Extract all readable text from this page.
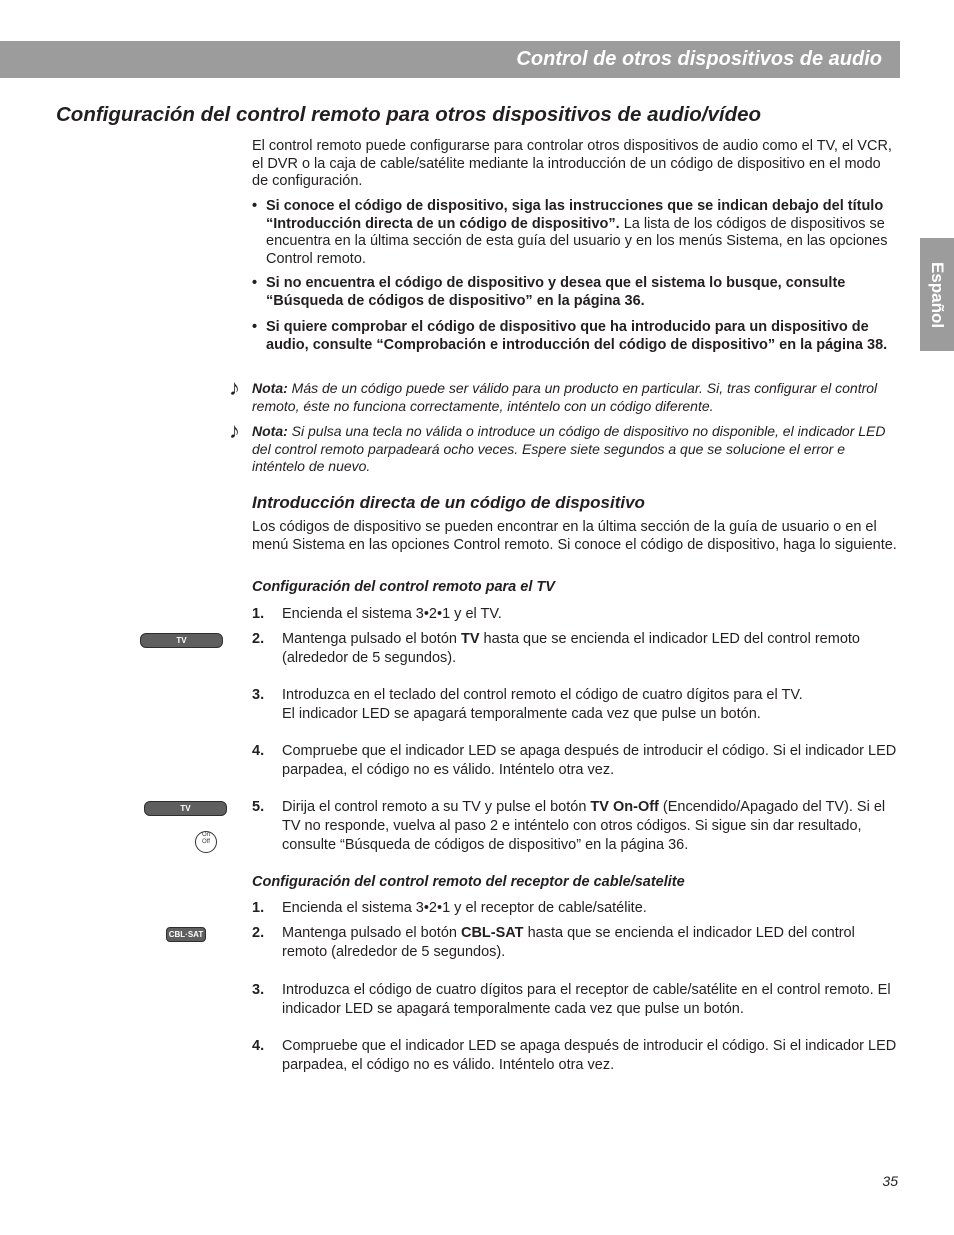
Control de otros dispositivos de audio
Español
Configuración del control remoto para otros dispositivos de audio/vídeo

El control remoto puede configurarse para controlar otros dispositivos de audio como el TV, el VCR, el DVR o la caja de cable/satélite mediante la introducción de un código de dispositivo en el modo de configuración.

• Si conoce el código de dispositivo, siga las instrucciones que se indican debajo del título “Introducción directa de un código de dispositivo”. La lista de los códigos de dispositivos se encuentra en la última sección de esta guía del usuario y en los menús Sistema, en las opciones Control remoto.
• Si no encuentra el código de dispositivo y desea que el sistema lo busque, consulte “Búsqueda de códigos de dispositivo” en la página 36.
• Si quiere comprobar el código de dispositivo que ha introducido para un dispositivo de audio, consulte “Comprobación e introducción del código de dispositivo” en la página 38.
♪ Nota: Más de un código puede ser válido para un producto en particular. Si, tras configurar el control remoto, éste no funciona correctamente, inténtelo con un código diferente.
♪ Nota: Si pulsa una tecla no válida o introduce un código de dispositivo no disponible, el indicador LED del control remoto parpadeará ocho veces. Espere siete segundos a que se solucione el error e inténtelo de nuevo.
Introducción directa de un código de dispositivo

Los códigos de dispositivo se pueden encontrar en la última sección de la guía de usuario o en el menú Sistema en las opciones Control remoto. Si conoce el código de dispositivo, haga lo siguiente.

Configuración del control remoto para el TV
1. Encienda el sistema 3•2•1 y el TV.
TV	2. Mantenga pulsado el botón TV hasta que se encienda el indicador LED del control remoto (alrededor de 5 segundos).
3. Introduzca en el teclado del control remoto el código de cuatro dígitos para el TV.
El indicador LED se apagará temporalmente cada vez que pulse un botón.
4. Compruebe que el indicador LED se apaga después de introducir el código. Si el indicador LED parpadea, el código no es válido. Inténtelo otra vez.
TV
On
Off
5. Dirija el control remoto a su TV y pulse el botón TV On-Off (Encendido/Apagado del TV). Si el TV no responde, vuelva al paso 2 e inténtelo con otros códigos. Si sigue sin dar resultado, consulte “Búsqueda de códigos de dispositivo” en la página 36.
Configuración del control remoto del receptor de cable/satelite
1. Encienda el sistema 3•2•1 y el receptor de cable/satélite.
CBL·SAT	2. Mantenga pulsado el botón CBL-SAT hasta que se encienda el indicador LED del control remoto (alrededor de 5 segundos).
3. Introduzca el código de cuatro dígitos para el receptor de cable/satélite en el control remoto. El indicador LED se apagará temporalmente cada vez que pulse un botón.
4. Compruebe que el indicador LED se apaga después de introducir el código. Si el indicador LED parpadea, el código no es válido. Inténtelo otra vez.
35
